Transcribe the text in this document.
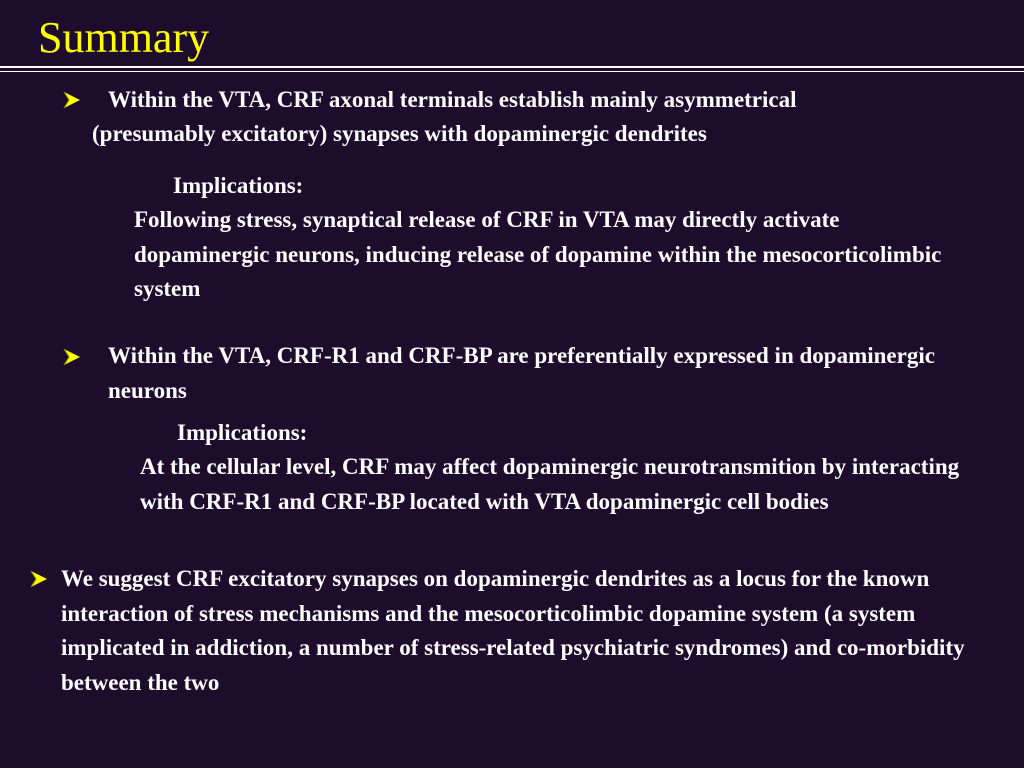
Summary
Within the VTA, CRF axonal terminals establish mainly asymmetrical
(presumably excitatory) synapses with dopaminergic dendrites
Implications:
Following stress, synaptical release of CRF in VTA may directly activate dopaminergic neurons, inducing release of dopamine within the mesocorticolimbic system
Within the VTA, CRF-R1 and CRF-BP are preferentially expressed in dopaminergic neurons
Implications:
At the cellular level, CRF may affect dopaminergic neurotransmition by interacting with CRF-R1 and CRF-BP located with VTA dopaminergic cell bodies
We suggest CRF excitatory synapses on dopaminergic dendrites as a locus for the known interaction of stress mechanisms and the mesocorticolimbic dopamine system (a system implicated in addiction, a number of stress-related psychiatric syndromes) and co-morbidity between the two
